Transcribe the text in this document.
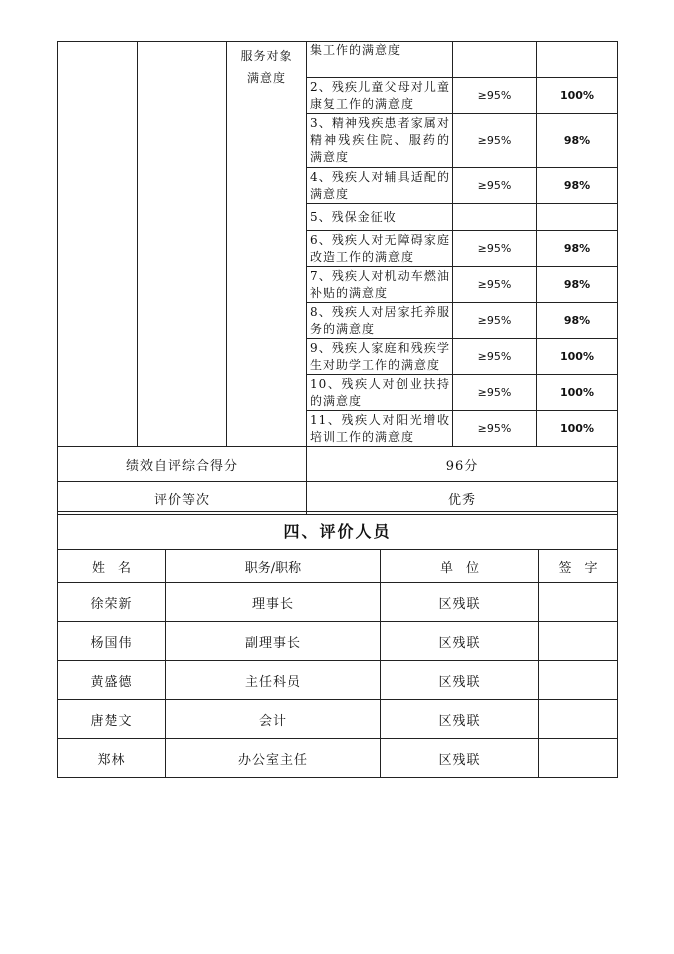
		服务对象满意度	集工作的满意度		
			2、残疾儿童父母对儿童康复工作的满意度	≥95%	100%
			3、精神残疾患者家属对精神残疾住院、服药的满意度	≥95%	98%
			4、残疾人对辅具适配的满意度	≥95%	98%
			5、残保金征收		
			6、残疾人对无障碍家庭改造工作的满意度	≥95%	98%
			7、残疾人对机动车燃油补贴的满意度	≥95%	98%
			8、残疾人对居家托养服务的满意度	≥95%	98%
			9、残疾人家庭和残疾学生对助学工作的满意度	≥95%	100%
			10、残疾人对创业扶持的满意度	≥95%	100%
			11、残疾人对阳光增收培训工作的满意度	≥95%	100%
绩效自评综合得分			96分		
评价等次			优秀		
四、评价人员			
姓　名	职务/职称	单　位	签　字
徐荣新	理事长	区残联	
杨国伟	副理事长	区残联	
黄盛德	主任科员	区残联	
唐楚文	会计	区残联	
郑林	办公室主任	区残联	
